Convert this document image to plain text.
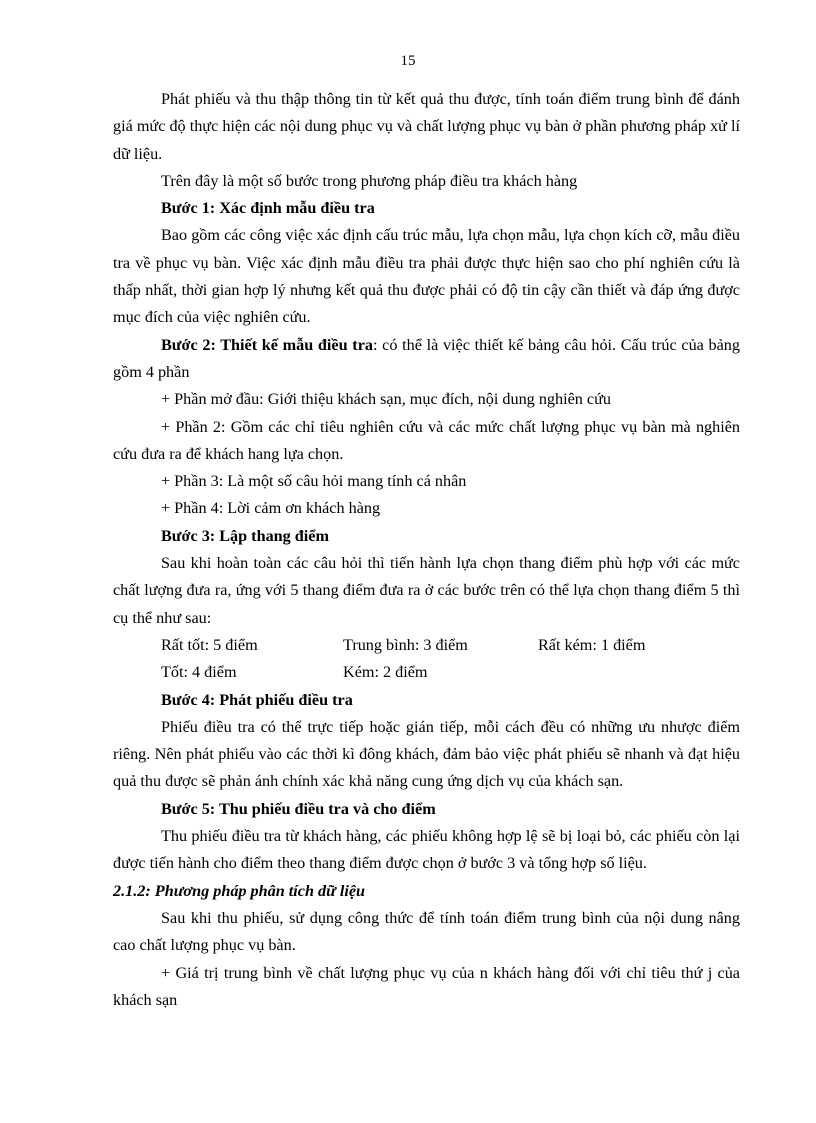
15

Phát phiếu và thu thập thông tin từ kết quả thu được, tính toán điểm trung bình để đánh giá mức độ thực hiện các nội dung phục vụ và chất lượng phục vụ bàn ở phần phương pháp xử lí dữ liệu.

Trên đây là một số bước trong phương pháp điều tra khách hàng

Bước 1: Xác định mẫu điều tra

Bao gồm các công việc xác định cấu trúc mẫu, lựa chọn mẫu, lựa chọn kích cỡ, mẫu điều tra về phục vụ bàn. Việc xác định mẫu điều tra phải được thực hiện sao cho phí nghiên cứu là thấp nhất, thời gian hợp lý nhưng kết quả thu được phải có độ tin cậy cần thiết và đáp ứng được mục đích của việc nghiên cứu.

Bước 2: Thiết kế mẫu điều tra: có thể là việc thiết kế bảng câu hỏi. Cấu trúc của bảng gồm 4 phần

+ Phần mở đầu: Giới thiệu khách sạn, mục đích, nội dung nghiên cứu

+ Phần 2: Gồm các chỉ tiêu nghiên cứu và các mức chất lượng phục vụ bàn mà nghiên cứu đưa ra để khách hang lựa chọn.

+ Phần 3: Là một số câu hỏi mang tính cá nhân

+ Phần 4: Lời cảm ơn khách hàng

Bước 3: Lập thang điểm

Sau khi hoàn toàn các câu hỏi thì tiến hành lựa chọn thang điểm phù hợp với các mức chất lượng đưa ra, ứng với 5 thang điểm đưa ra ở các bước trên có thể lựa chọn thang điểm 5 thì cụ thể như sau:

Rất tốt: 5 điểm	Trung bình: 3 điểm	Rất kém: 1 điểm
Tốt: 4 điểm	Kém: 2 điểm

Bước 4: Phát phiếu điều tra

Phiếu điều tra có thể trực tiếp hoặc gián tiếp, mỗi cách đều có những ưu nhược điểm riêng. Nên phát phiếu vào các thời kì đông khách, đảm bảo việc phát phiếu sẽ nhanh và đạt hiệu quả thu được sẽ phản ánh chính xác khả năng cung ứng dịch vụ của khách sạn.

Bước 5: Thu phiếu điều tra và cho điểm

Thu phiếu điều tra từ khách hàng, các phiếu không hợp lệ sẽ bị loại bỏ, các phiếu còn lại được tiến hành cho điểm theo thang điểm được chọn ở bước 3 và tổng hợp số liệu.

2.1.2: Phương pháp phân tích dữ liệu

Sau khi thu phiếu, sử dụng công thức để tính toán điểm trung bình của nội dung nâng cao chất lượng phục vụ bàn.

+ Giá trị trung bình về chất lượng phục vụ của n khách hàng đối với chỉ tiêu thứ j của khách sạn
